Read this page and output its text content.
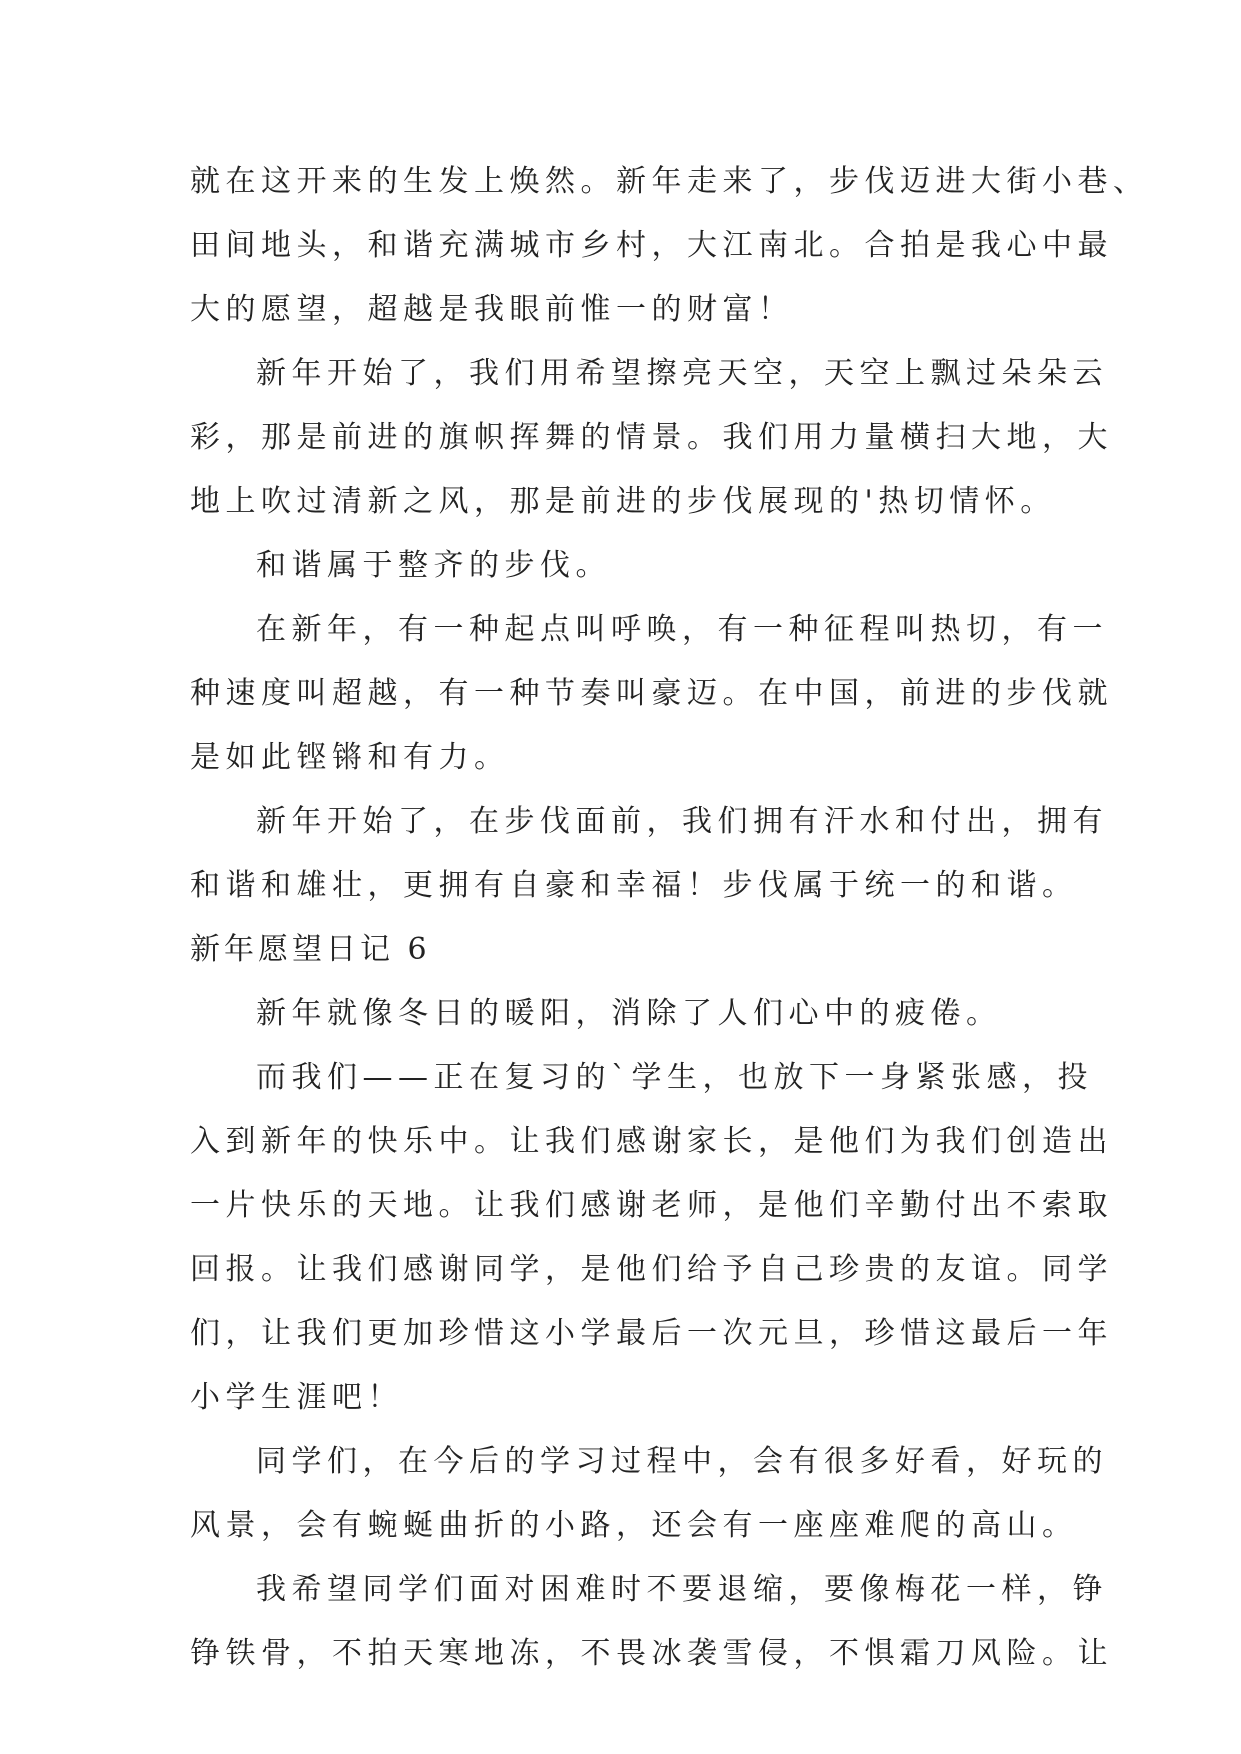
就在这开来的生发上焕然。新年走来了，步伐迈进大街小巷、
田间地头，和谐充满城市乡村，大江南北。合拍是我心中最
大的愿望，超越是我眼前惟一的财富！
新年开始了，我们用希望擦亮天空，天空上飘过朵朵云
彩，那是前进的旗帜挥舞的情景。我们用力量横扫大地，大
地上吹过清新之风，那是前进的步伐展现的'热切情怀。
和谐属于整齐的步伐。
在新年，有一种起点叫呼唤，有一种征程叫热切，有一
种速度叫超越，有一种节奏叫豪迈。在中国，前进的步伐就
是如此铿锵和有力。
新年开始了，在步伐面前，我们拥有汗水和付出，拥有
和谐和雄壮，更拥有自豪和幸福！步伐属于统一的和谐。
新年愿望日记 6
新年就像冬日的暖阳，消除了人们心中的疲倦。
而我们——正在复习的`学生，也放下一身紧张感，投
入到新年的快乐中。让我们感谢家长，是他们为我们创造出
一片快乐的天地。让我们感谢老师，是他们辛勤付出不索取
回报。让我们感谢同学，是他们给予自己珍贵的友谊。同学
们，让我们更加珍惜这小学最后一次元旦，珍惜这最后一年
小学生涯吧！
同学们，在今后的学习过程中，会有很多好看，好玩的
风景，会有蜿蜒曲折的小路，还会有一座座难爬的高山。
我希望同学们面对困难时不要退缩，要像梅花一样，铮
铮铁骨，不拍天寒地冻，不畏冰袭雪侵，不惧霜刀风险。让
